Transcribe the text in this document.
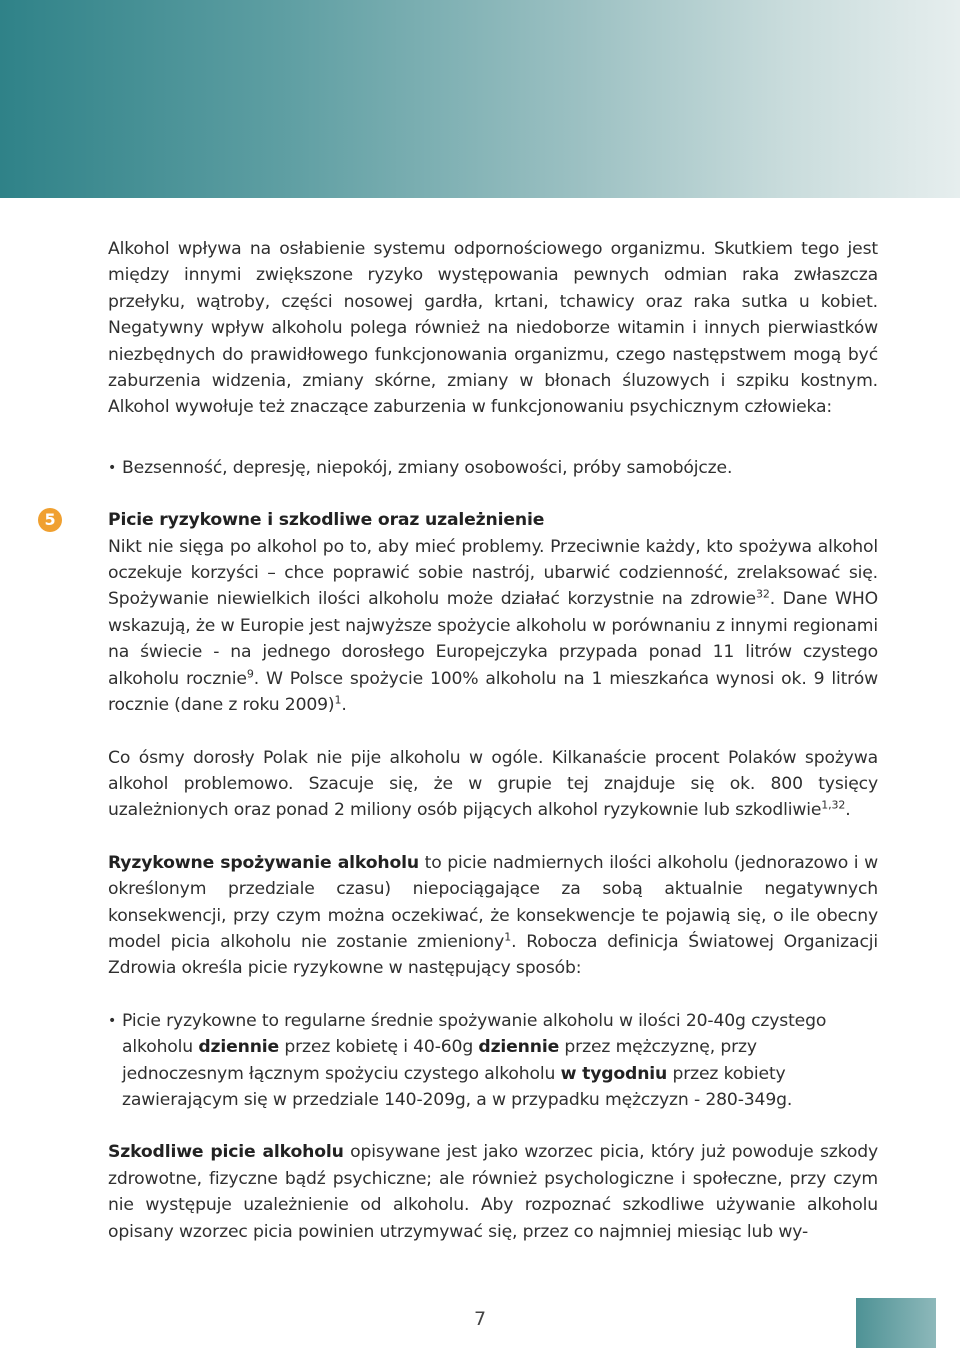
Alkohol wpływa na osłabienie systemu odpornościowego organizmu. Skutkiem tego jest między innymi zwiększone ryzyko występowania pewnych odmian raka zwłaszcza przełyku, wątroby, części nosowej gardła, krtani, tchawicy oraz raka sutka u kobiet. Negatywny wpływ alkoholu polega również na niedoborze witamin i innych pierwiastków niezbędnych do prawidłowego funkcjonowania organizmu, czego następstwem mogą być zaburzenia widzenia, zmiany skórne, zmiany w błonach śluzowych i szpiku kostnym. Alkohol wywołuje też znaczące zaburzenia w funkcjonowaniu psychicznym człowieka:

• Bezsenność, depresję, niepokój, zmiany osobowości, próby samobójcze.

5	Picie ryzykowne i szkodliwe oraz uzależnienie

Nikt nie sięga po alkohol po to, aby mieć problemy. Przeciwnie każdy, kto spożywa alkohol oczekuje korzyści – chce poprawić sobie nastrój, ubarwić codzienność, zrelaksować się. Spożywanie niewielkich ilości alkoholu może działać korzystnie na zdrowie$^{32}$. Dane WHO wskazują, że w Europie jest najwyższe spożycie alkoholu w porównaniu z innymi regionami na świecie - na jednego dorosłego Europejczyka przypada ponad 11 litrów czystego alkoholu rocznie$^9$. W Polsce spożycie 100% alkoholu na 1 mieszkańca wynosi ok. 9 litrów rocznie (dane z roku 2009)$^1$.

Co ósmy dorosły Polak nie pije alkoholu w ogóle. Kilkanaście procent Polaków spożywa alkohol problemowo. Szacuje się, że w grupie tej znajduje się ok. 800 tysięcy uzależnionych oraz ponad 2 miliony osób pijących alkohol ryzykownie lub szkodliwie$^{1,32}$.

Ryzykowne spożywanie alkoholu to picie nadmiernych ilości alkoholu (jednorazowo i w określonym przedziale czasu) niepociągające za sobą aktualnie negatywnych konsekwencji, przy czym można oczekiwać, że konsekwencje te pojawią się, o ile obecny model picia alkoholu nie zostanie zmieniony$^1$. Robocza definicja Światowej Organizacji Zdrowia określa picie ryzykowne w następujący sposób:

• Picie ryzykowne to regularne średnie spożywanie alkoholu w ilości 20-40g czystego alkoholu dziennie przez kobietę i 40-60g dziennie przez mężczyznę, przy jednoczesnym łącznym spożyciu czystego alkoholu w tygodniu przez kobiety zawierającym się w przedziale 140-209g, a w przypadku mężczyzn - 280-349g.

Szkodliwe picie alkoholu opisywane jest jako wzorzec picia, który już powoduje szkody zdrowotne, fizyczne bądź psychiczne; ale również psychologiczne i społeczne, przy czym nie występuje uzależnienie od alkoholu. Aby rozpoznać szkodliwe używanie alkoholu opisany wzorzec picia powinien utrzymywać się, przez co najmniej miesiąc lub wy-

7
